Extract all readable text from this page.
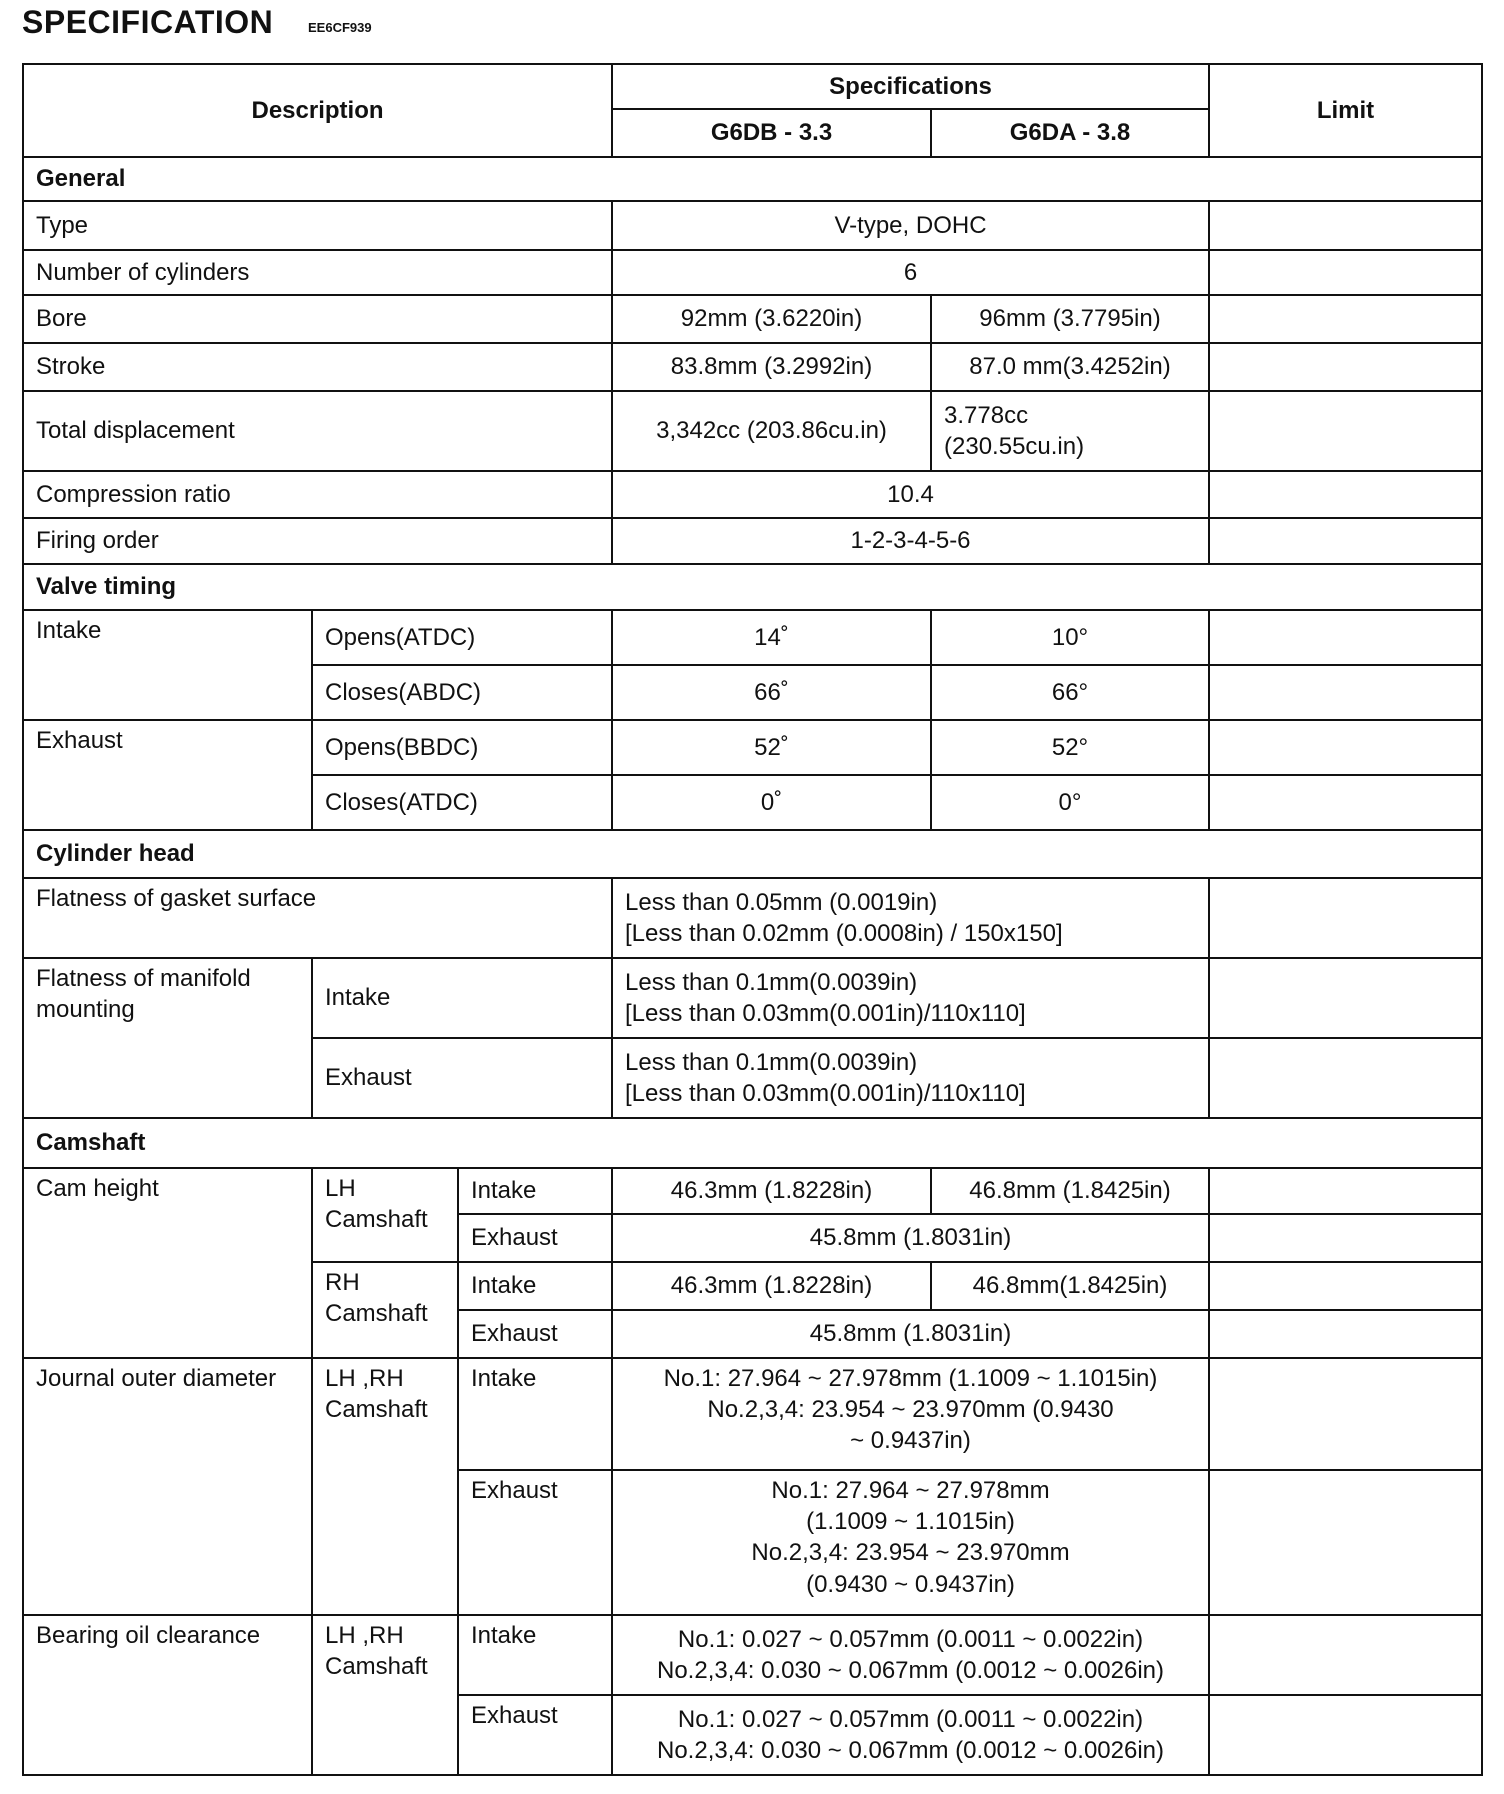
SPECIFICATION	EE6CF939
Description			Specifications		Limit
			G6DB - 3.3	G6DA - 3.8	
General					
Type			V-type, DOHC		
Number of cylinders			6		
Bore			92mm (3.6220in)	96mm (3.7795in)	
Stroke			83.8mm (3.2992in)	87.0 mm(3.4252in)	
Total displacement			3,342cc (203.86cu.in)	3.778cc
(230.55cu.in)	

Compression ratio			10.4		
Firing order			1-2-3-4-5-6		
Valve timing					
Intake	Opens(ATDC)		14˚	10°	
	Closes(ABDC)		66˚	66°	
Exhaust	Opens(BBDC)		52˚	52°	
	Closes(ATDC)		0˚	0°	
Cylinder head					
Flatness of gasket surface			Less than 0.05mm (0.0019in)
[Less than 0.02mm (0.0008in) / 150x150]		

Flatness of manifold mounting	Intake		Less than 0.1mm(0.0039in)
[Less than 0.03mm(0.001in)/110x110]		

	Exhaust		Less than 0.1mm(0.0039in)
[Less than 0.03mm(0.001in)/110x110]		

Camshaft					
Cam height	LH Camshaft	Intake	46.3mm (1.8228in)	46.8mm (1.8425in)	
		Exhaust	45.8mm (1.8031in)		
	RH Camshaft	Intake	46.3mm (1.8228in)	46.8mm(1.8425in)	
		Exhaust	45.8mm (1.8031in)		
Journal outer diameter	LH ,RH Camshaft	Intake	No.1: 27.964 ~ 27.978mm (1.1009 ~ 1.1015in)
No.2,3,4: 23.954 ~ 23.970mm (0.9430
~ 0.9437in)		

		Exhaust	No.1: 27.964 ~ 27.978mm
(1.1009 ~ 1.1015in)
No.2,3,4: 23.954 ~ 23.970mm
(0.9430 ~ 0.9437in)		

Bearing oil clearance	LH ,RH Camshaft	Intake	No.1: 0.027 ~ 0.057mm (0.0011 ~ 0.0022in)
No.2,3,4: 0.030 ~ 0.067mm (0.0012 ~ 0.0026in)		

		Exhaust	No.1: 0.027 ~ 0.057mm (0.0011 ~ 0.0022in)
No.2,3,4: 0.030 ~ 0.067mm (0.0012 ~ 0.0026in)		
